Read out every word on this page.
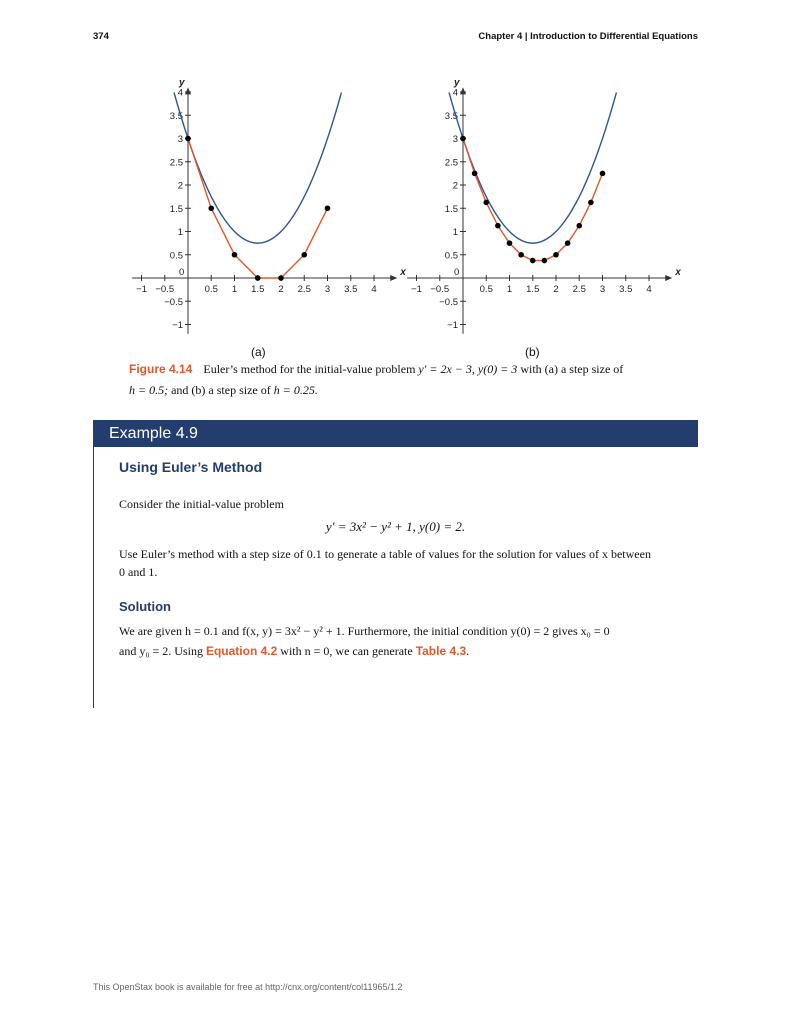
374	Chapter 4 | Introduction to Differential Equations
x
y
0
−1 −0.5	0.5 1 1.5 2 2.5 3 3.5 4
−1
−0.5
0.5
1
1.5
2
2.5
3
3.5
4
x
y
0
−1 −0.5	0.5 1 1.5 2 2.5 3 3.5 4
−1
−0.5
0.5
1
1.5
2
2.5
3
3.5
4
(a)	(b)
Figure 4.14 Euler’s method for the initial-value problem y′ = 2x − 3, y(0) = 3 with (a) a step size of
h = 0.5; and (b) a step size of h = 0.25.
Example 4.9
Using Euler’s Method
Consider the initial-value problem
y′ = 3x² − y² + 1, y(0) = 2.
Use Euler’s method with a step size of 0.1 to generate a table of values for the solution for values of x between
0 and 1.
Solution
We are given h = 0.1 and f(x, y) = 3x² − y² + 1. Furthermore, the initial condition y(0) = 2 gives x₀ = 0
and y₀ = 2. Using Equation 4.2 with n = 0, we can generate Table 4.3.
This OpenStax book is available for free at http://cnx.org/content/col11965/1.2
